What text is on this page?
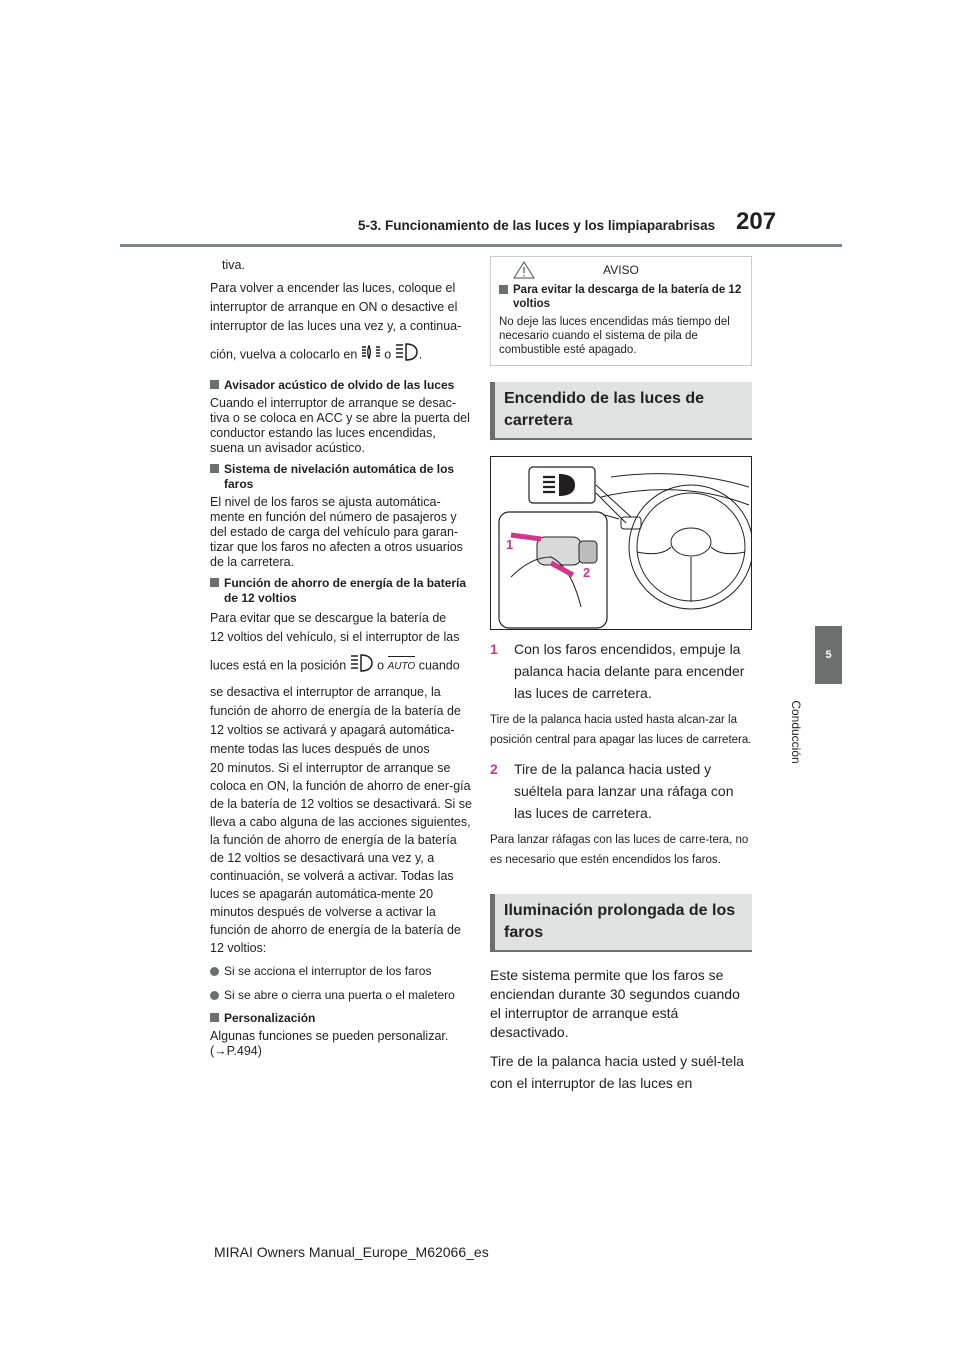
5-3. Funcionamiento de las luces y los limpiaparabrisas 207
5
Conducción

tiva.

Para volver a encender las luces, coloque el

interruptor de arranque en ON o desactive el

interruptor de las luces una vez y, a continua-

ción, vuelva a colocarlo en o .

Avisador acústico de olvido de las luces

Cuando el interruptor de arranque se desac-tiva o se coloca en ACC y se abre la puerta del conductor estando las luces encendidas, suena un avisador acústico.

Sistema de nivelación automática de los faros

El nivel de los faros se ajusta automática-mente en función del número de pasajeros y del estado de carga del vehículo para garan-tizar que los faros no afecten a otros usuarios de la carretera.

Función de ahorro de energía de la batería de 12 voltios

Para evitar que se descargue la batería de

12 voltios del vehículo, si el interruptor de las

luces está en la posición o AUTO cuando

se desactiva el interruptor de arranque, la

función de ahorro de energía de la batería de

12 voltios se activará y apagará automática-

mente todas las luces después de unos

20 minutos. Si el interruptor de arranque se coloca en ON, la función de ahorro de ener-gía de la batería de 12 voltios se desactivará. Si se lleva a cabo alguna de las acciones siguientes, la función de ahorro de energía de la batería de 12 voltios se desactivará una vez y, a continuación, se volverá a activar. Todas las luces se apagarán automática-mente 20 minutos después de volverse a activar la función de ahorro de energía de la batería de 12 voltios:

Si se acciona el interruptor de los faros
Si se abre o cierra una puerta o el maletero
Personalización

Algunas funciones se pueden personalizar. (→P.494)

AVISO
Para evitar la descarga de la batería de 12 voltios
No deje las luces encendidas más tiempo del necesario cuando el sistema de pila de combustible esté apagado.
Encendido de las luces de carretera
1
2
1 Con los faros encendidos, empuje la palanca hacia delante para encender las luces de carretera.

Tire de la palanca hacia usted hasta alcan-zar la posición central para apagar las luces de carretera.

2 Tire de la palanca hacia usted y suéltela para lanzar una ráfaga con las luces de carretera.

Para lanzar ráfagas con las luces de carre-tera, no es necesario que estén encendidos los faros.

Iluminación prolongada de los faros

Este sistema permite que los faros se enciendan durante 30 segundos cuando el interruptor de arranque está desactivado.

Tire de la palanca hacia usted y suél-tela con el interruptor de las luces en

MIRAI Owners Manual_Europe_M62066_es
